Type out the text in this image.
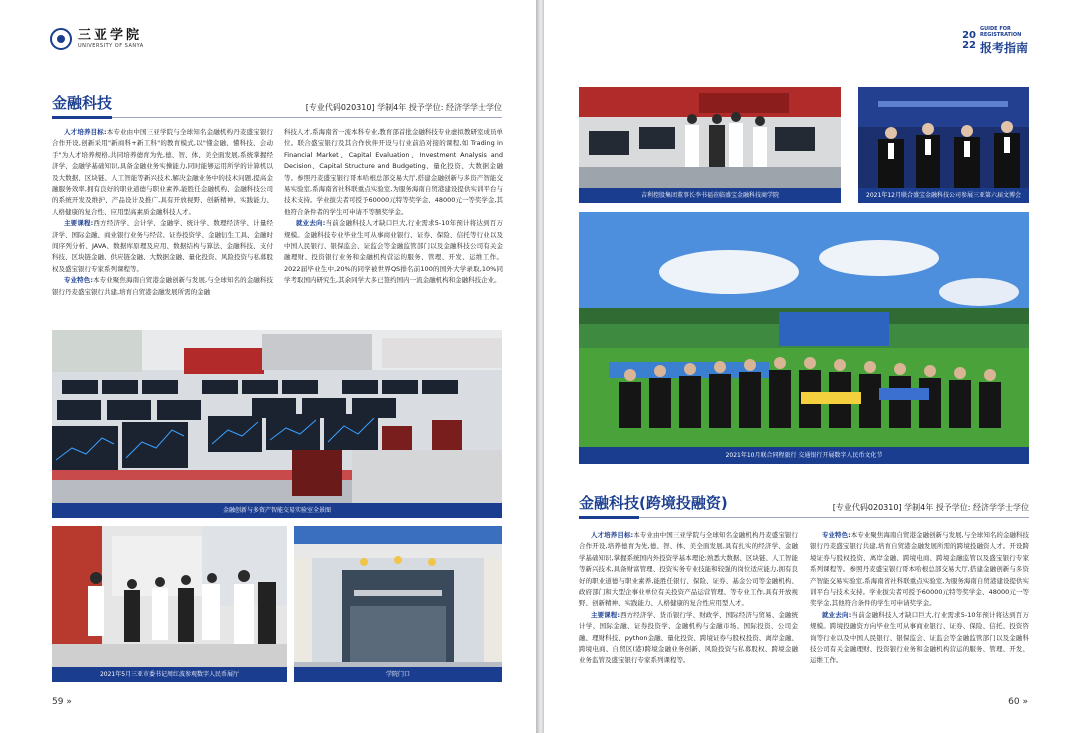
三亚学院
UNIVERSITY OF SANYA
金融科技	[专业代码020310] 学制4年 授予学位: 经济学学士学位

人才培养目标:本专业由中国三亚学院与全球知名金融机构丹麦盛宝银行合作开设,创新采用"新商科+新工科"的教育模式,以"懂金融、懂科技、会动手"为人才培养规格,共同培养德育为先,德、智、体、美全面发展,系统掌握经济学、金融学基础知识,具备金融业务实操能力,同时能够运用所学的计算机以及大数据、区块链、人工智能等新兴技术,解决金融业务中的技术问题,提高金融服务效率,拥有良好的职业道德与职业素养,能胜任金融机构、金融科技公司的系统开发及维护、产品设计及推广,具有开放视野、创新精神、实践能力、人格健康的复合性、应用型高素质金融科技人才。

主要课程:西方经济学、会计学、金融学、统计学、数理经济学、计量经济学、国际金融、商业银行业务与经营、证券投资学、金融衍生工具、金融时间序列分析、JAVA、数据库原理及应用、数据结构与算法、金融科技、支付科技、区块链金融、供应链金融、大数据金融、量化投资、风险投资与私募股权及盛宝银行专家系列课程等。

专业特色:本专业聚焦海南自贸港金融创新与发展,与全球知名的金融科技银行丹麦盛宝银行共建,培育自贸港金融发展所需的金融

科技人才,系海南省一流本科专业,教育部首批金融科技专业虚拟教研室成员单位。联合盛宝银行及其合作伙伴开设与行业前沿对接的课程,如 Trading in Financial Market、Capital Evaluation、Investment Analysis and Decision、Capital Structure and Budgeting、量化投资、大数据金融等。参照丹麦盛宝银行哥本哈根总部交易大厅,搭建金融创新与多资产智能交易实验室,系海南省社科联重点实验室,为服务海南自贸港建设提供实训平台与技术支持。学业拔尖者可授予60000元特等奖学金、48000元一等奖学金,其他符合条件者的学生可申请不等额奖学金。

就业去向:当前金融科技人才缺口巨大,行业需求5-10年预计将达到百万规模。金融科技专业毕业生可从事商业银行、证券、保险、信托等行业以及中国人民银行、银保监会、证监会等金融监管部门以及金融科技公司有关金融理财、投资银行业务和金融机构营运的服务、管理、开发、运维工作。2022届毕业生中,20%的同学被世界QS排名前100的国外大学录取,10%同学考取国内研究生,其余同学大多已签约国内一流金融机构和金融科技企业。

金融创新与多资产智能交易实验室全景图
2021年5月三亚市委书记周红波参观数字人民币展厅	学院门口
59 »
20
22
GUIDE FOR REGISTRATION
报考指南
吉利控股集团董事长李书福莅临盛宝金融科技商学院	2021年12月联合盛宝金融科技公司参展三亚第六届文博会
2021年10月联合同程旅行 交通银行开展数字人民币文化节
金融科技(跨境投融资)	[专业代码020310] 学制4年 授予学位: 经济学学士学位

人才培养目标:本专业由中国三亚学院与全球知名金融机构丹麦盛宝银行合作开设,培养德育为先,德、智、体、美全面发展,具有扎实的经济学、金融学基础知识,掌握系统国内外投资学基本理论;熟悉大数据、区块链、人工智能等新兴技术,具备财富管理、投资实务专业技能和较强的岗位适应能力,拥有良好的职业道德与职业素养,能胜任银行、保险、证券、基金公司等金融机构、政府部门和大型企事业单位有关投资产品运营管理、等专业工作,具有开放视野、创新精神、实践能力、人格健康的复合性应用型人才。

主要课程:西方经济学、货币银行学、财政学、国际经济与贸易、金融统计学、国际金融、证券投资学、金融机构与金融市场、国际投资、公司金融、理财科技、python金融、量化投资、跨境证券与股权投资、离岸金融、跨境电商、自贸区(港)跨境金融业务创新、风险投资与私募股权、跨境金融业务监管及盛宝银行专家系列课程等。

专业特色:本专业聚焦海南自贸港金融创新与发展,与全球知名的金融科技银行丹麦盛宝银行共建,培育自贸港金融发展所需的跨境投融资人才。开设跨境证券与股权投资、离岸金融、跨境电商、跨境金融监管以及盛宝银行专家系列课程等。参照丹麦盛宝银行哥本哈根总部交易大厅,搭建金融创新与多资产智能交易实验室,系海南省社科联重点实验室,为服务海南自贸港建设提供实训平台与技术支持。学业拔尖者可授予60000元特等奖学金、48000元一等奖学金,其他符合条件的学生可申请奖学金。

就业去向:当前金融科技人才缺口巨大,行业需求5-10年预计将达到百万规模。跨境投融资方向毕业生可从事商业银行、证券、保险、信托、投资咨询等行业以及中国人民银行、银保监会、证监会等金融监管部门以及金融科技公司有关金融理财、投资银行业务和金融机构营运的服务、管理、开发、运维工作。

60 »
